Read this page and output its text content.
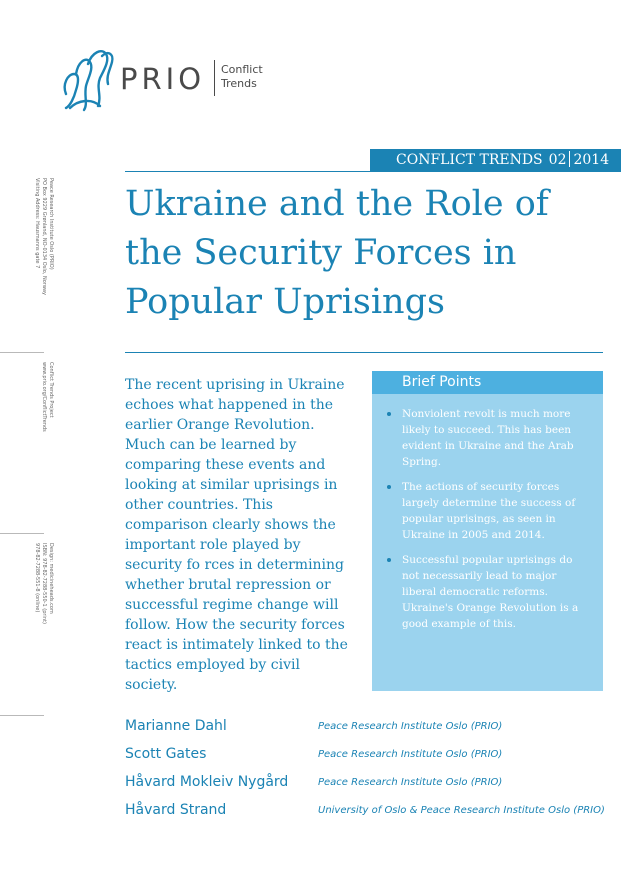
PRIO Conflict
Trends
Peace Research Institute Oslo (PRIO)
PO Box 9229 Grønland, NO-0134 Oslo, Norway
Visiting Address: Hausmanns gate 7
Conflict Trends Project
www.prio.org/ConflictTrends
Design: medicineheads.com
ISBN: 978-82-7288-550-1 (print)
978-82-7288-551-8 (online)
CONFLICT TRENDS 02 2014
Ukraine and the Role of the Security Forces in Popular Uprisings

The recent uprising in Ukraine echoes what happened in the earlier Orange Revolution. Much can be learned by comparing these events and looking at similar uprisings in other countries. This comparison clearly shows the important role played by security fo rces in determining whether brutal repression or successful regime change will follow. How the security forces react is intimately linked to the tactics employed by civil society.

Brief Points
Nonviolent revolt is much more likely to succeed. This has been evident in Ukraine and the Arab Spring.
The actions of security forces largely determine the success of popular uprisings, as seen in Ukraine in 2005 and 2014.
Successful popular uprisings do not necessarily lead to major liberal democratic reforms. Ukraine's Orange Revolution is a good example of this.
Marianne Dahl	Peace Research Institute Oslo (PRIO)
Scott Gates	Peace Research Institute Oslo (PRIO)
Håvard Mokleiv Nygård	Peace Research Institute Oslo (PRIO)
Håvard Strand	University of Oslo & Peace Research Institute Oslo (PRIO)
